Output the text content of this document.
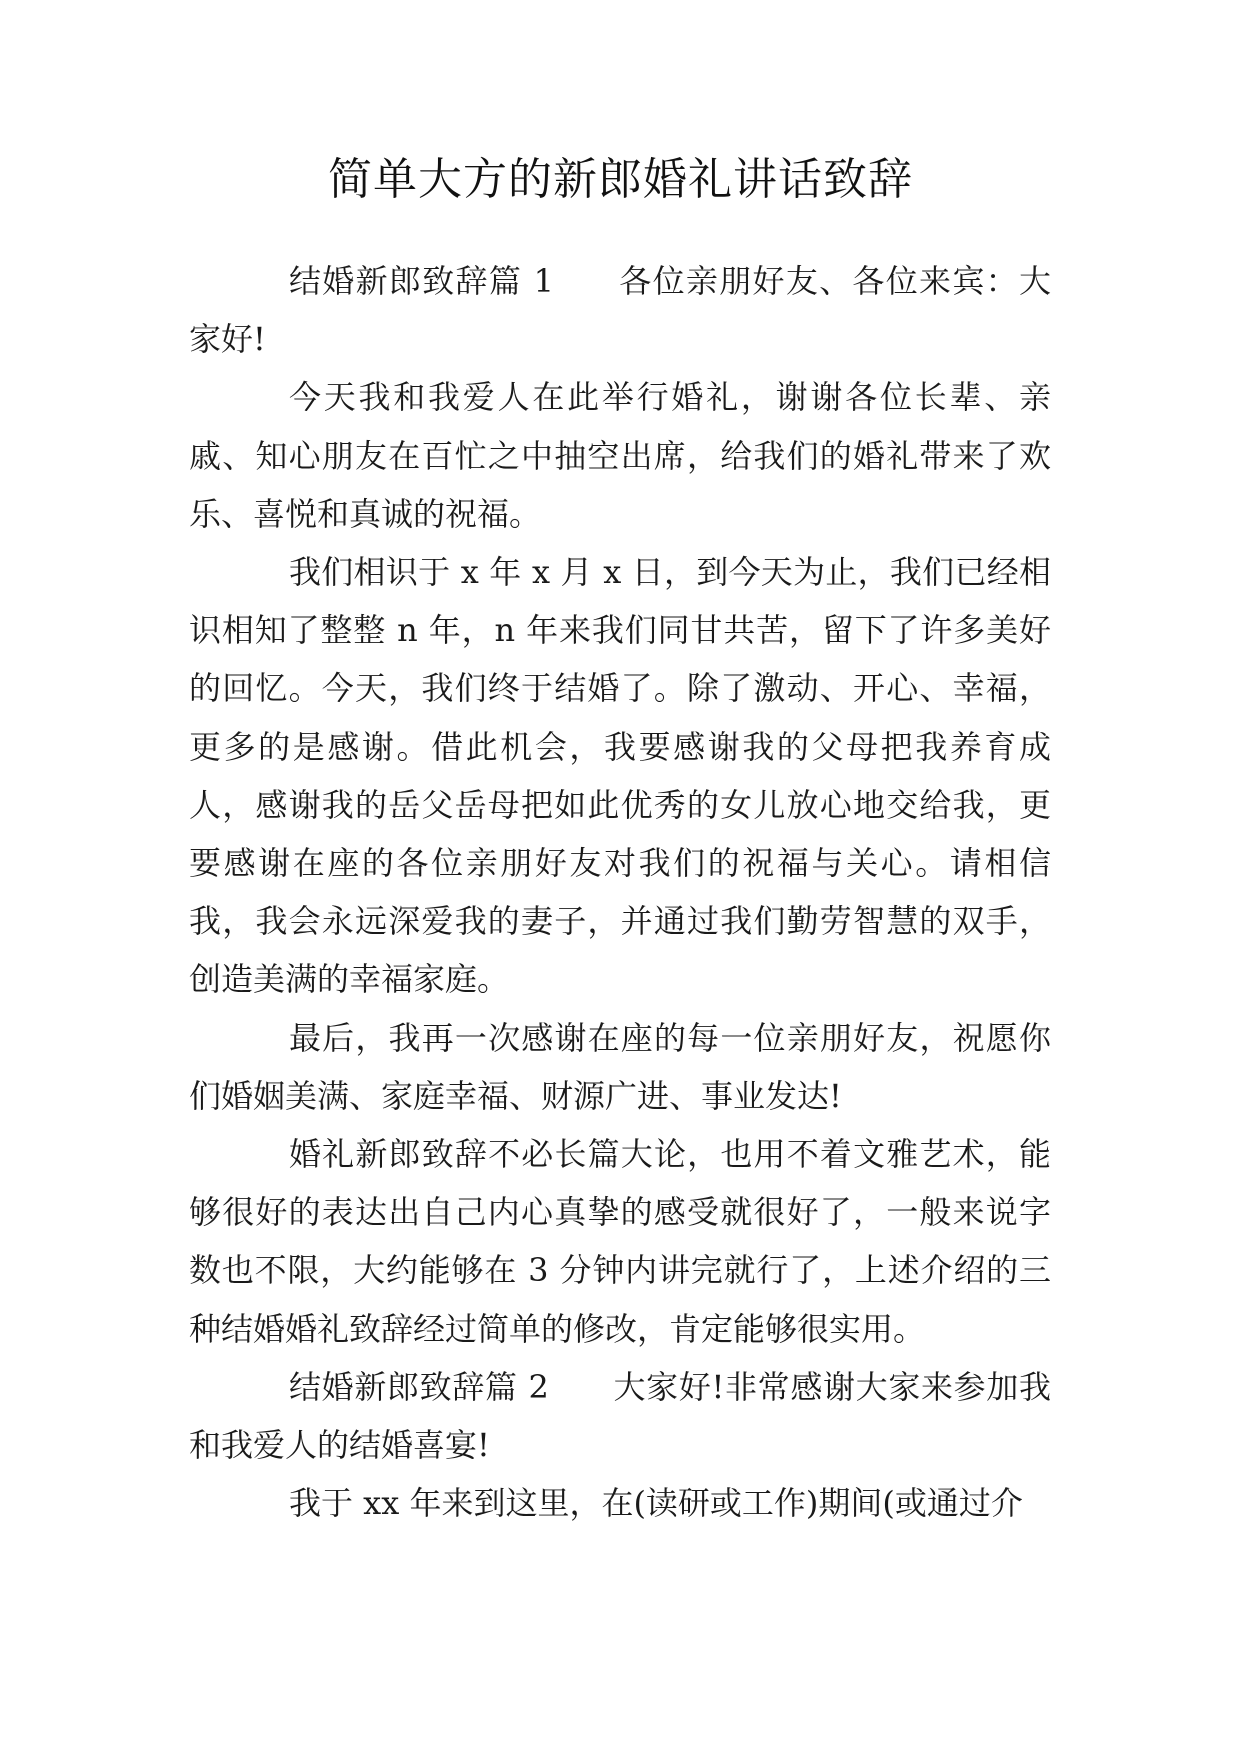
简单大方的新郎婚礼讲话致辞

结婚新郎致辞篇 1 各位亲朋好友、各位来宾：大家好!

今天我和我爱人在此举行婚礼，谢谢各位长辈、亲戚、知心朋友在百忙之中抽空出席，给我们的婚礼带来了欢乐、喜悦和真诚的祝福。

我们相识于 x 年 x 月 x 日，到今天为止，我们已经相识相知了整整 n 年，n 年来我们同甘共苦，留下了许多美好的回忆。今天，我们终于结婚了。除了激动、开心、幸福，更多的是感谢。借此机会，我要感谢我的父母把我养育成人，感谢我的岳父岳母把如此优秀的女儿放心地交给我，更要感谢在座的各位亲朋好友对我们的祝福与关心。请相信我，我会永远深爱我的妻子，并通过我们勤劳智慧的双手，创造美满的幸福家庭。

最后，我再一次感谢在座的每一位亲朋好友，祝愿你们婚姻美满、家庭幸福、财源广进、事业发达!

婚礼新郎致辞不必长篇大论，也用不着文雅艺术，能够很好的表达出自己内心真挚的感受就很好了，一般来说字数也不限，大约能够在 3 分钟内讲完就行了，上述介绍的三种结婚婚礼致辞经过简单的修改，肯定能够很实用。

结婚新郎致辞篇 2 大家好!非常感谢大家来参加我和我爱人的结婚喜宴!

我于 xx 年来到这里，在(读研或工作)期间(或通过介
